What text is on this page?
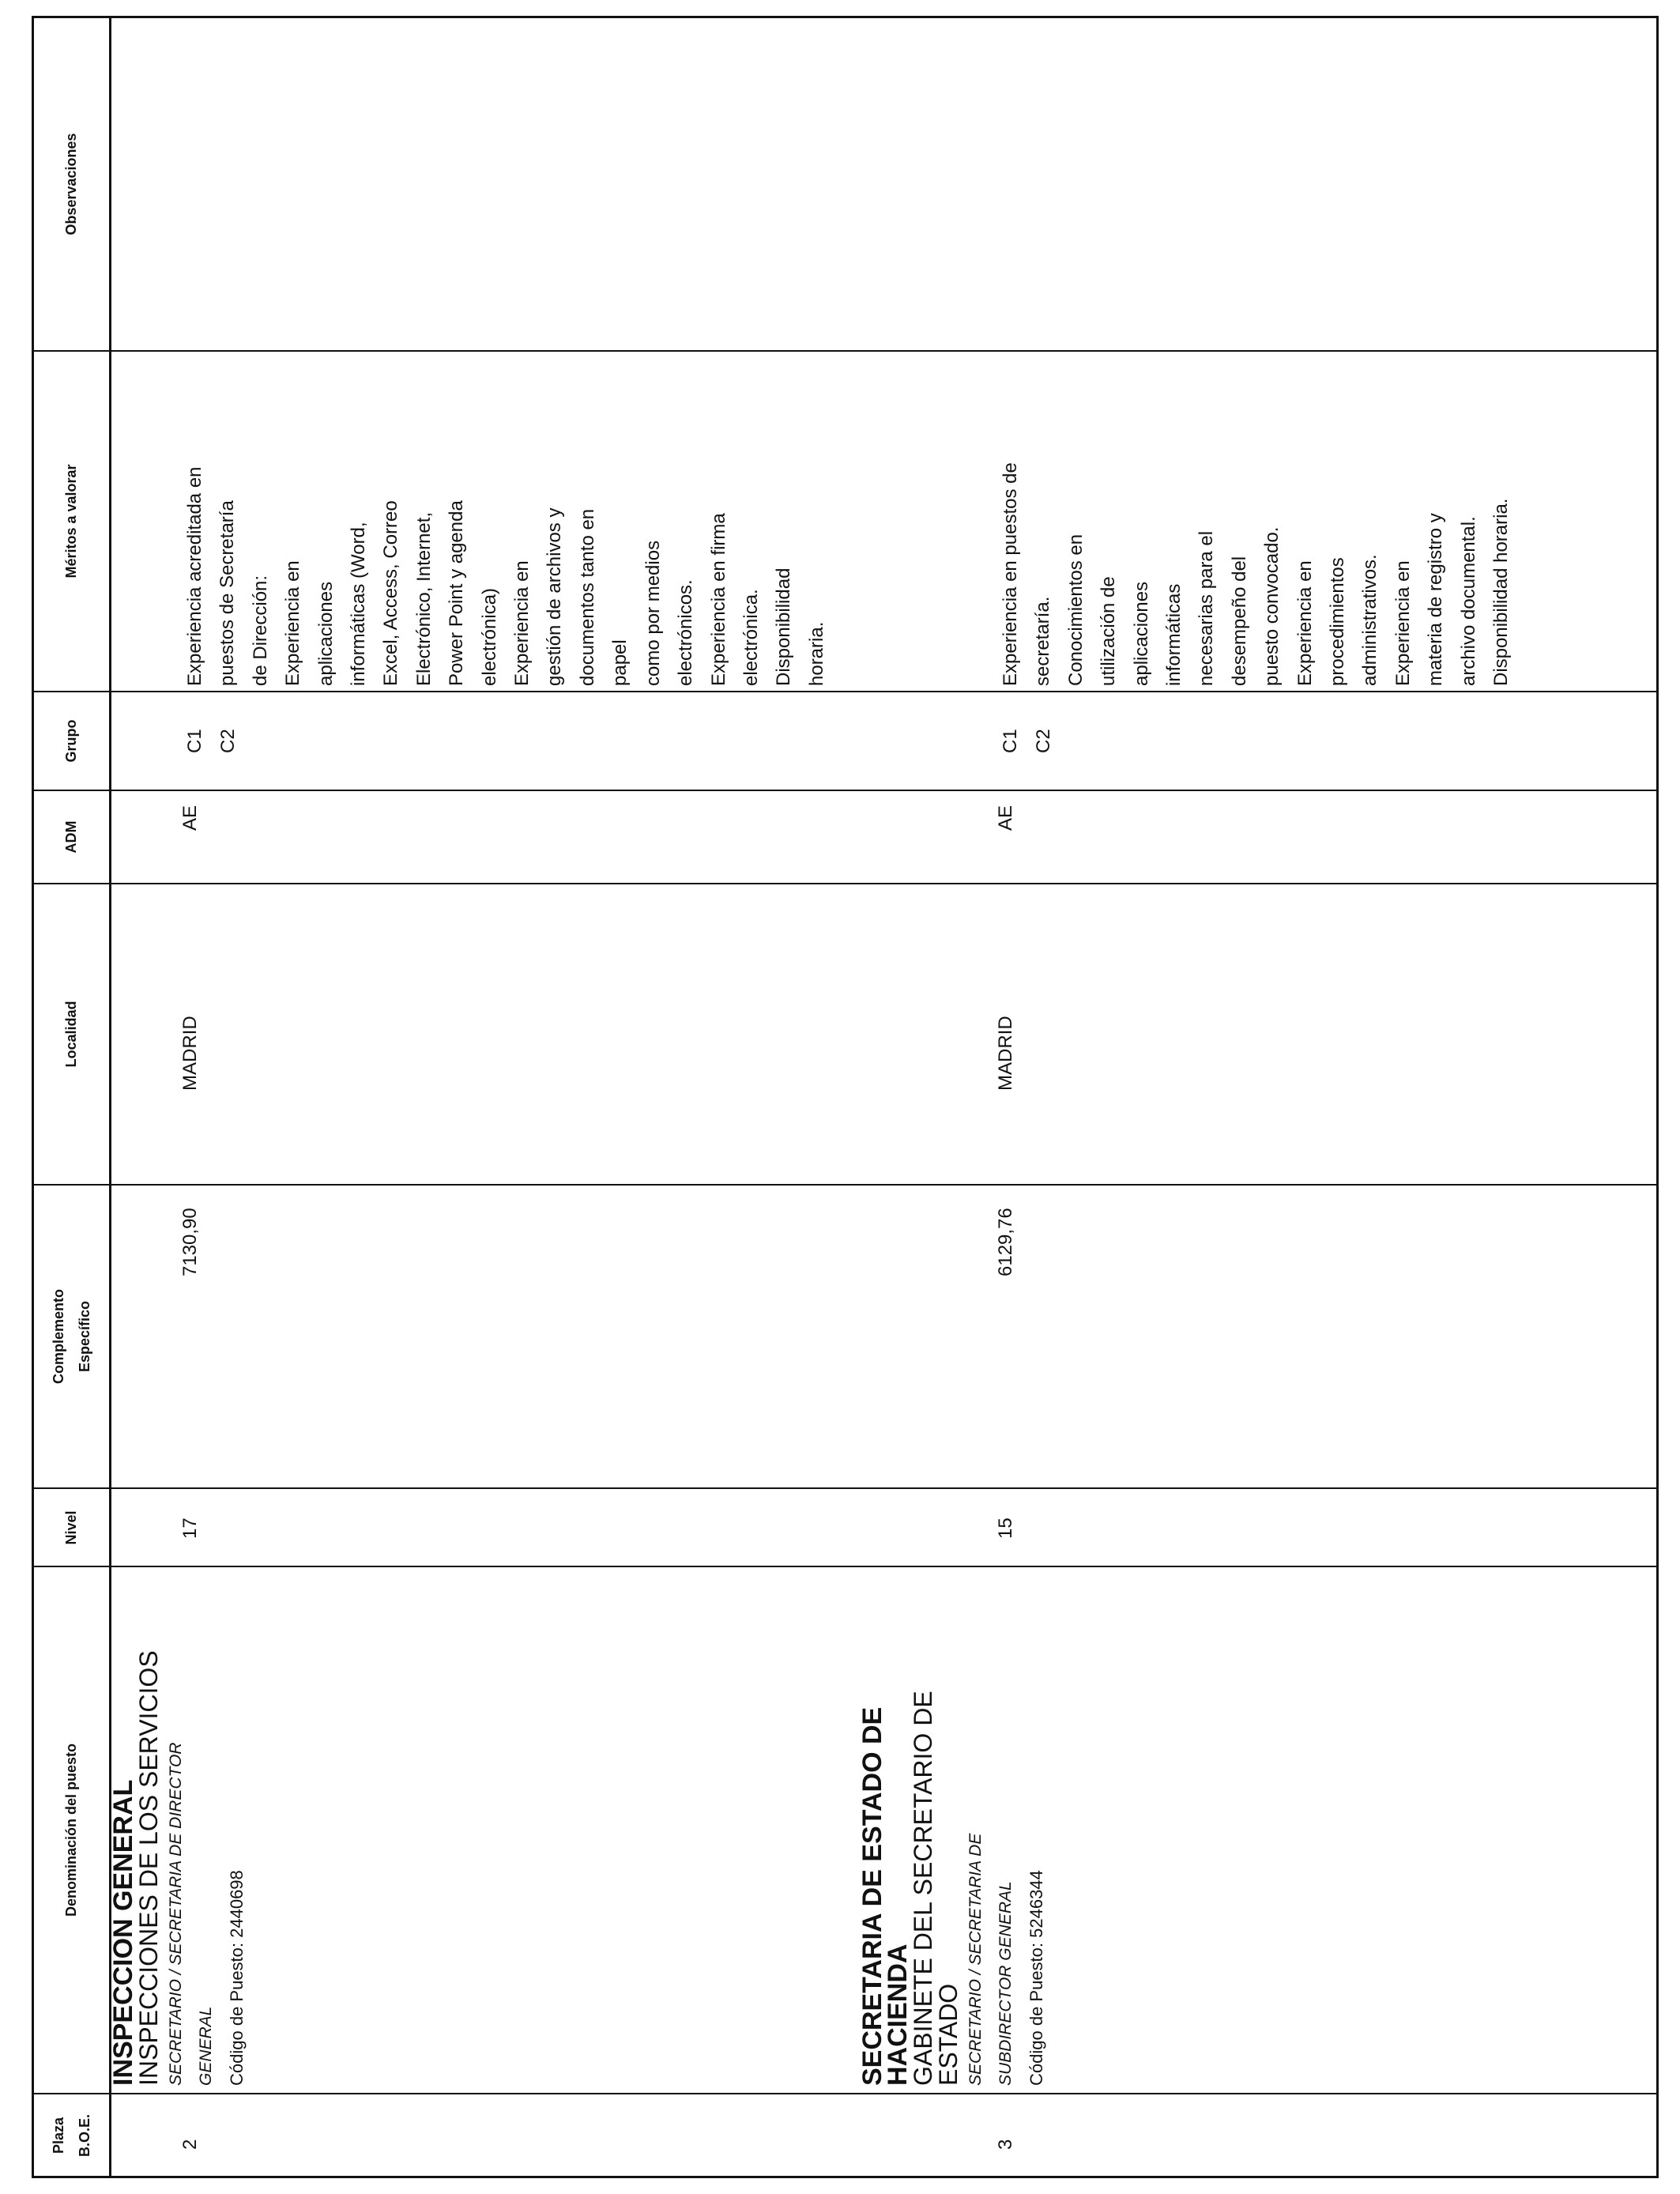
Plaza
B.O.E.
Denominación del puesto
Nivel
Complemento
Específico
Localidad
ADM
Grupo
Méritos a valorar
Observaciones
2
INSPECCION GENERAL
INSPECCIONES DE LOS SERVICIOS SECRETARIO / SECRETARIA DE DIRECTOR
GENERAL Código de Puesto: 2440698
17
7130,90
MADRID
AE
C1
C2
Experiencia acreditada en
puestos de Secretaría
de Dirección:
Experiencia en
aplicaciones
informáticas (Word,
Excel, Access, Correo
Electrónico, Internet,
Power Point y agenda
electrónica)
Experiencia en
gestión de archivos y
documentos tanto en
papel
como por medios
electrónicos.
Experiencia en firma
electrónica.
Disponibilidad
horaria.
3
SECRETARIA DE ESTADO DE
HACIENDA
GABINETE DEL SECRETARIO DE
ESTADO SECRETARIO / SECRETARIA DE
SUBDIRECTOR GENERAL Código de Puesto: 5246344
15
6129,76
MADRID
AE
C1
C2
Experiencia en puestos de
secretaría.
Conocimientos en
utilización de
aplicaciones
informáticas
necesarias para el
desempeño del
puesto convocado.
Experiencia en
procedimientos
administrativos.
Experiencia en
materia de registro y
archivo documental.
Disponibilidad horaria.
